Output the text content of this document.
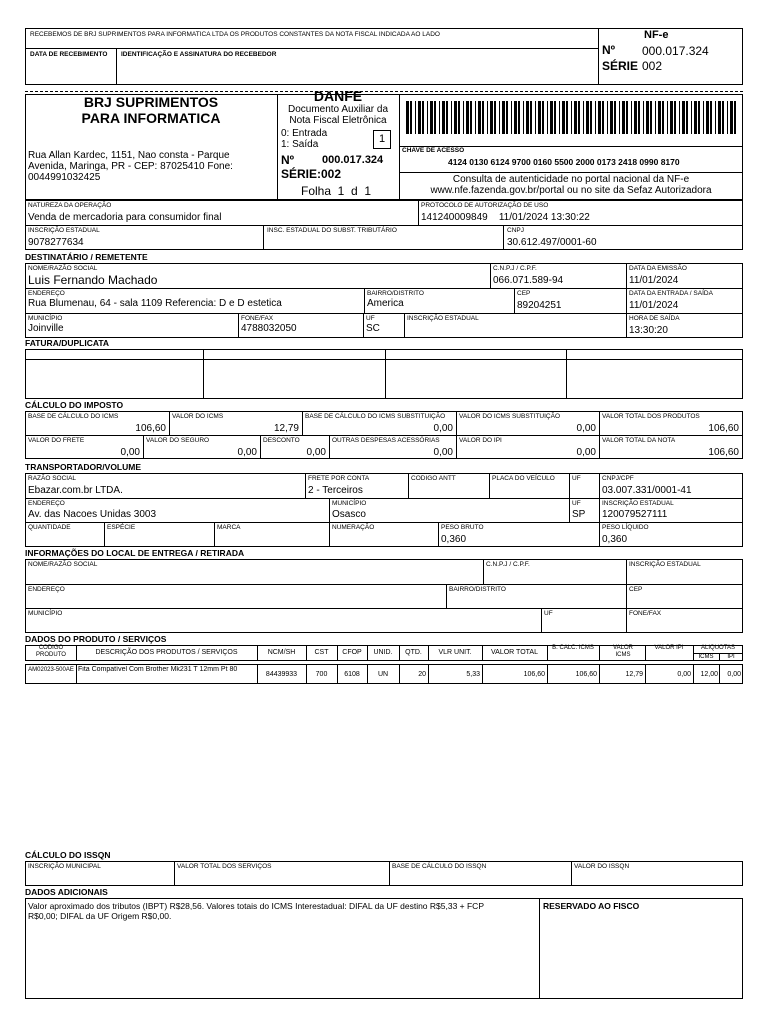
RECEBEMOS DE BRJ SUPRIMENTOS PARA INFORMATICA LTDA OS PRODUTOS CONSTANTES DA NOTA FISCAL INDICADA AO LADO
DATA DE RECEBIMENTO IDENTIFICAÇÃO E ASSINATURA DO RECEBEDOR
NF-e
Nº 000.017.324
SÉRIE 002
BRJ SUPRIMENTOS
PARA INFORMATICA
Rua Allan Kardec, 1151, Nao consta - Parque
Avenida, Maringa, PR - CEP: 87025410 Fone:
0044991032425
DANFE
Documento Auxiliar da
Nota Fiscal Eletrônica
0: Entrada
1: Saída	1
Nº	000.017.324
SÉRIE:002
Folha  1  d  1
CHAVE DE ACESSO
4124 0130 6124 9700 0160 5500 2000 0173 2418 0990 8170
Consulta de autenticidade no portal nacional da NF-e
www.nfe.fazenda.gov.br/portal ou no site da Sefaz Autorizadora
NATUREZA DA OPERAÇÃO
Venda de mercadoria para consumidor final
PROTOCOLO DE AUTORIZAÇÃO DE USO
141240009849    11/01/2024 13:30:22
INSCRIÇÃO ESTADUAL
9078277634
INSC. ESTADUAL DO SUBST. TRIBUTÁRIO	CNPJ
30.612.497/0001-60
DESTINATÁRIO / REMETENTE
NOME/RAZÃO SOCIAL
Luis Fernando Machado
C.N.P.J / C.P.F.
066.071.589-94
DATA DA EMISSÃO
11/01/2024
ENDEREÇO
Rua Blumenau, 64 - sala 1109 Referencia: D e D estetica
BAIRRO/DISTRITO
America
CEP
89204251
DATA DA ENTRADA / SAÍDA
11/01/2024
MUNICÍPIO
Joinville
FONE/FAX
4788032050
UF
SC
INSCRIÇÃO ESTADUAL	HORA DE SAÍDA
13:30:20
FATURA/DUPLICATA
CÁLCULO DO IMPOSTO
BASE DE CÁLCULO DO ICMS
106,60
VALOR DO ICMS
12,79
BASE DE CÁLCULO DO ICMS SUBSTITUIÇÃO
0,00
VALOR DO ICMS SUBSTITUIÇÃO
0,00
VALOR TOTAL DOS PRODUTOS
106,60
VALOR DO FRETE
0,00
VALOR DO SEGURO
0,00
DESCONTO
0,00
OUTRAS DESPESAS ACESSÓRIAS
0,00
VALOR DO IPI
0,00
VALOR TOTAL DA NOTA
106,60
TRANSPORTADOR/VOLUME
RAZÃO SOCIAL
Ebazar.com.br LTDA.
FRETE POR CONTA
2 - Terceiros
CODIGO ANTT	PLACA DO VEÍCULO	UF	CNPJ/CPF
03.007.331/0001-41
ENDEREÇO
Av. das Nacoes Unidas 3003
MUNICÍPIO
Osasco
UF
SP
INSCRIÇÃO ESTADUAL
120079527111
QUANTIDADE	ESPÉCIE	MARCA	NUMERAÇÃO	PESO BRUTO
0,360
PESO LÍQUIDO
0,360
INFORMAÇÕES DO LOCAL DE ENTREGA / RETIRADA
NOME/RAZÃO SOCIAL	C.N.P.J / C.P.F.	INSCRIÇÃO ESTADUAL
ENDEREÇO	BAIRRO/DISTRITO	CEP
MUNICÍPIO	UF	FONE/FAX
DADOS DO PRODUTO / SERVIÇOS
CODIGO PRODUTO	DESCRIÇÃO DOS PRODUTOS / SERVIÇOS	NCM/SH	CST	CFOP	UNID.	QTD.	VLR UNIT.	VALOR TOTAL
B. CALC. ICMS	VALOR ICMS
VALOR IPI	ALIQUOTAS
ICMS	IPI
AM02023-500AE Fita Compatível Com Brother Mk231 T 12mm Pt 80
84439933	700	6108	UN	20	5,33	106,60	106,60	12,79	0,00	12,00	0,00
CÁLCULO DO ISSQN
INSCRIÇÃO MUNICIPAL	VALOR TOTAL DOS SERVIÇOS	BASE DE CÁLCULO DO ISSQN	VALOR DO ISSQN
DADOS ADICIONAIS
Valor aproximado dos tributos (IBPT) R$28,56. Valores totais do ICMS Interestadual: DIFAL da UF destino R$5,33 + FCP
R$0,00; DIFAL da UF Origem R$0,00.
RESERVADO AO FISCO
